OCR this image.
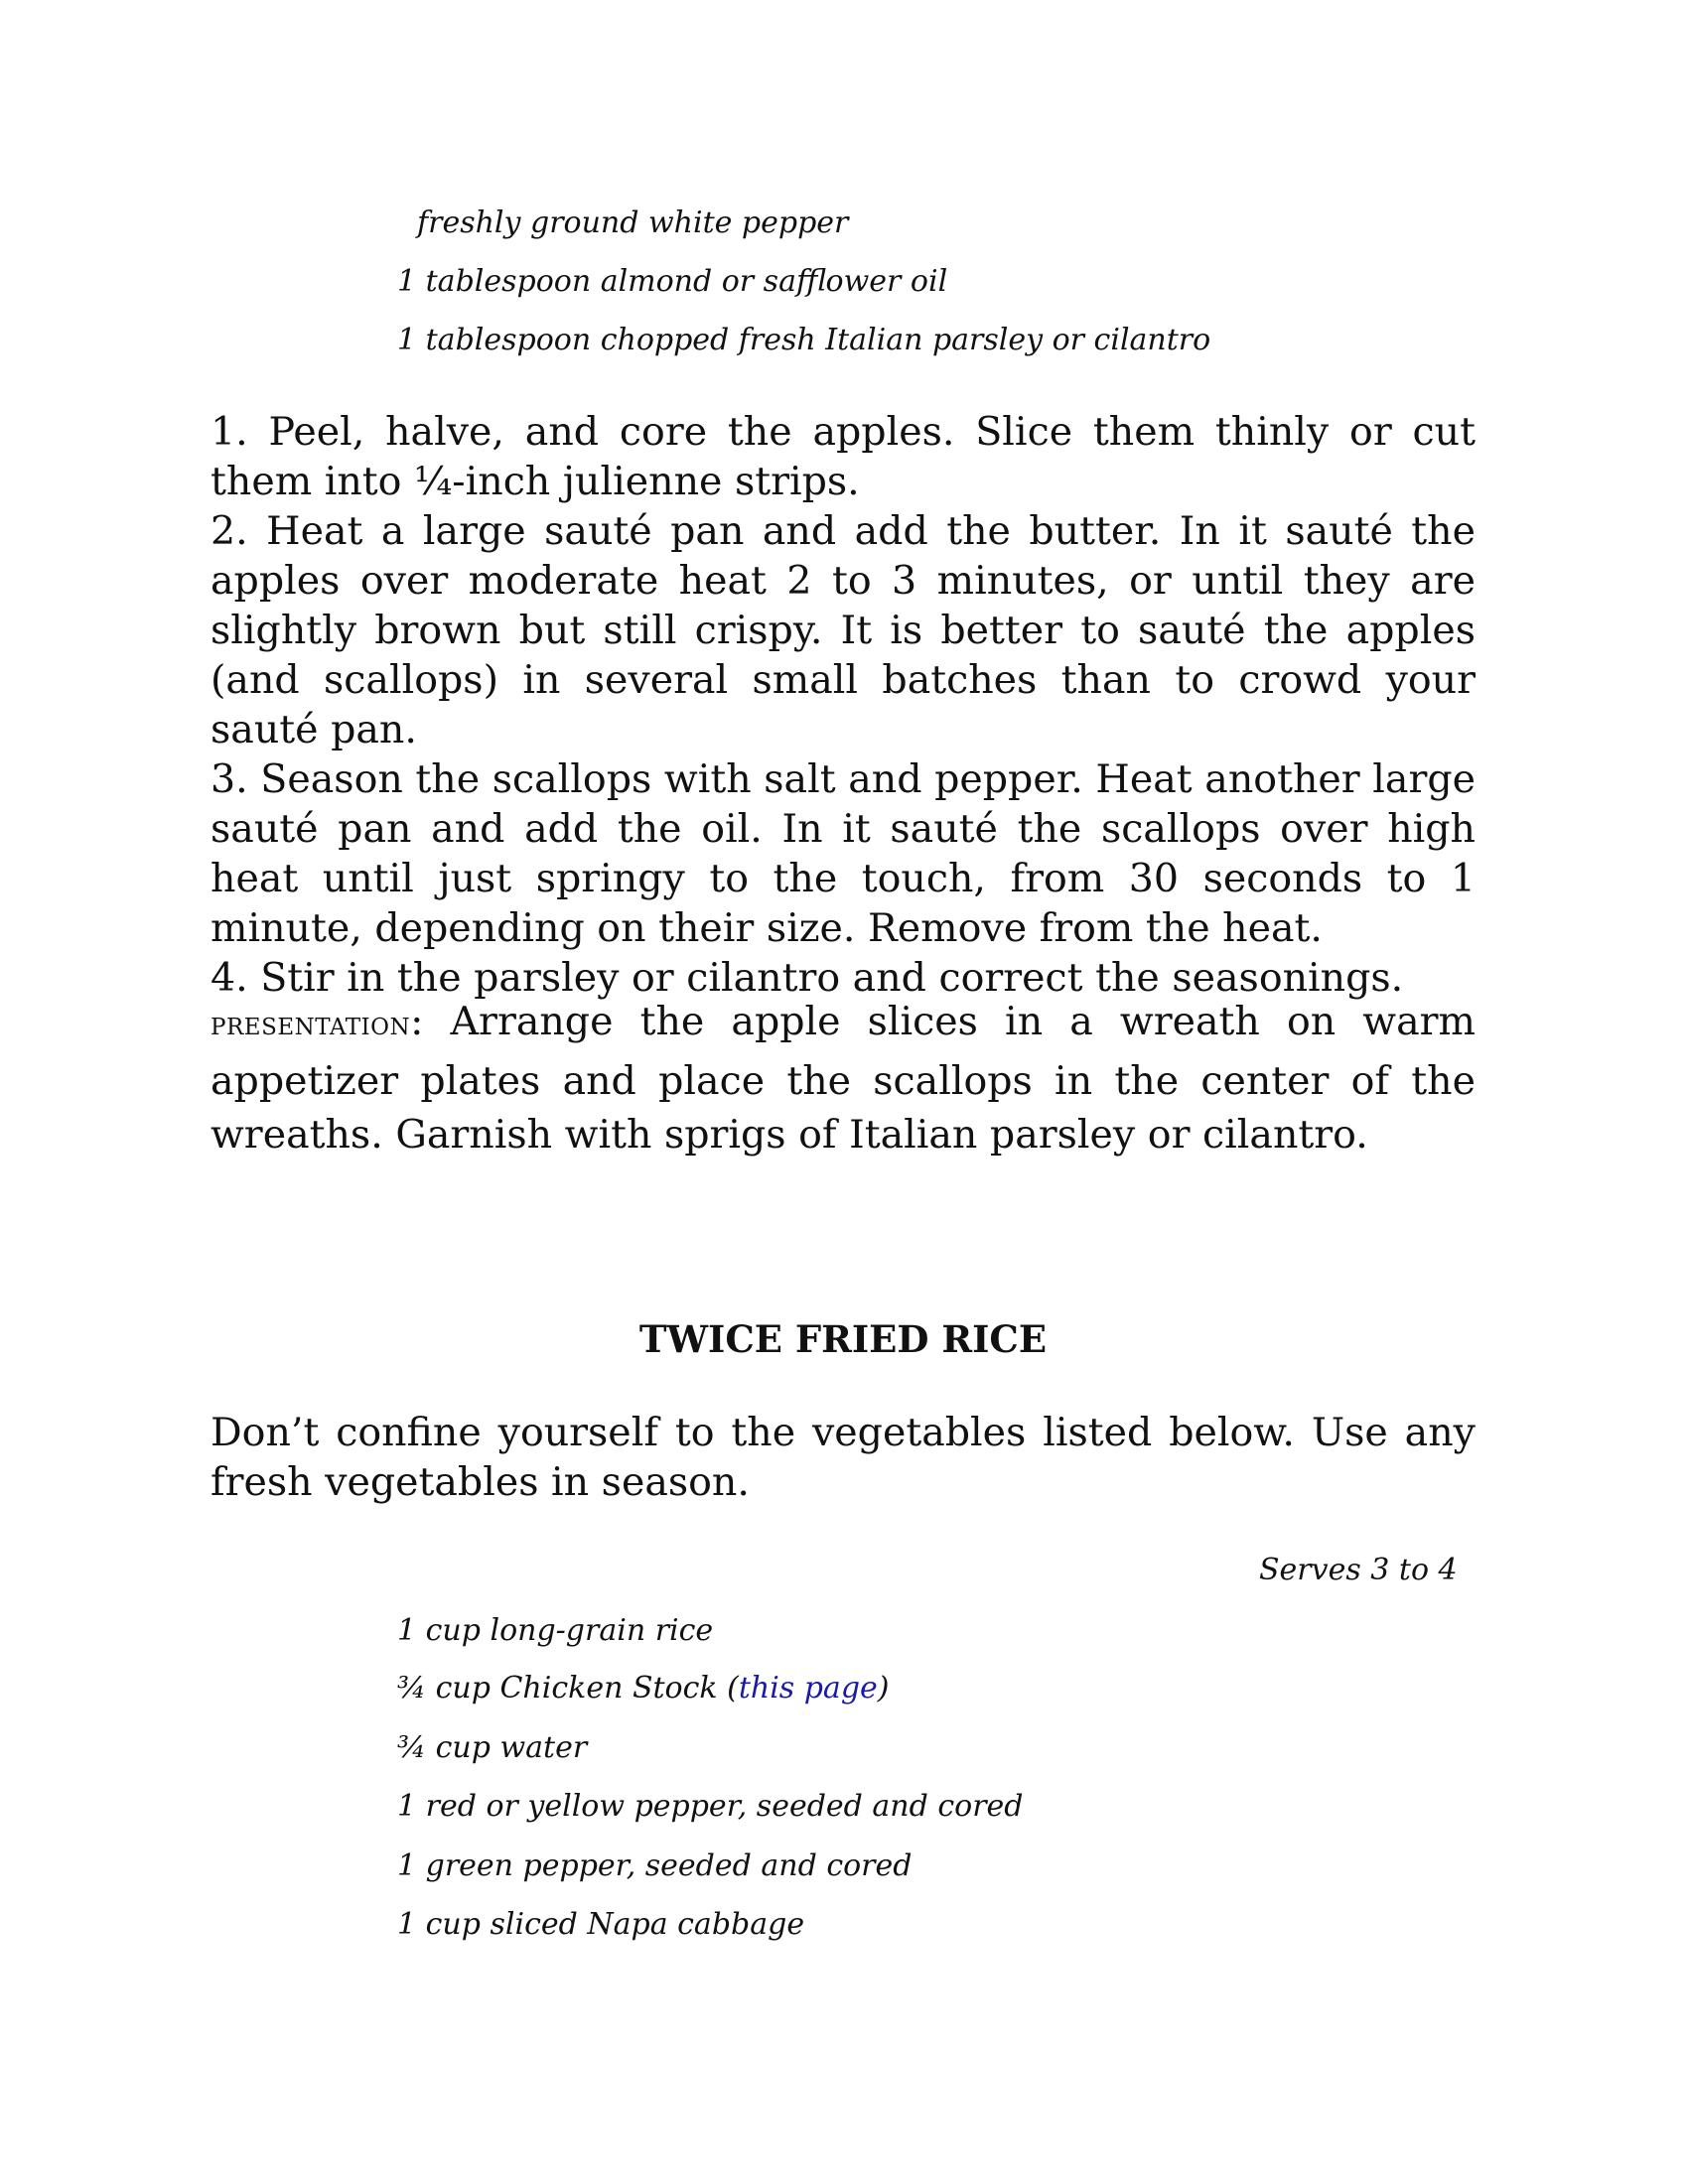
freshly ground white pepper

1 tablespoon almond or safflower oil

1 tablespoon chopped fresh Italian parsley or cilantro

1. Peel, halve, and core the apples. Slice them thinly or cut them into ¼-inch julienne strips.

2. Heat a large sauté pan and add the butter. In it sauté the apples over moderate heat 2 to 3 minutes, or until they are slightly brown but still crispy. It is better to sauté the apples (and scallops) in several small batches than to crowd your sauté pan.

3. Season the scallops with salt and pepper. Heat another large sauté pan and add the oil. In it sauté the scallops over high heat until just springy to the touch, from 30 seconds to 1 minute, depending on their size. Remove from the heat.

4. Stir in the parsley or cilantro and correct the seasonings.

PRESENTATION: Arrange the apple slices in a wreath on warm appetizer plates and place the scallops in the center of the wreaths. Garnish with sprigs of Italian parsley or cilantro.

TWICE FRIED RICE

Don’t confine yourself to the vegetables listed below. Use any fresh vegetables in season.

Serves 3 to 4

1 cup long-grain rice

¾ cup Chicken Stock (this page)

¾ cup water

1 red or yellow pepper, seeded and cored

1 green pepper, seeded and cored

1 cup sliced Napa cabbage
